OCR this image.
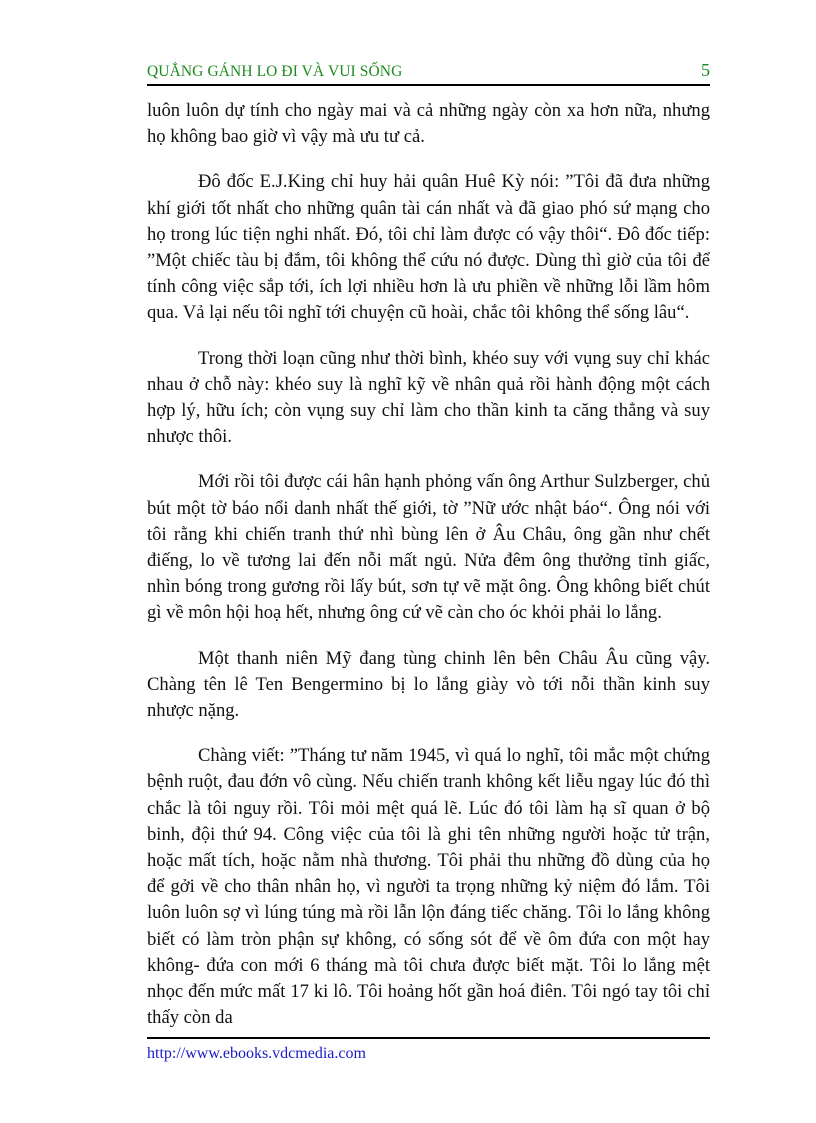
QUẲNG GÁNH LO ĐI VÀ VUI SỐNG	5

luôn luôn dự tính cho ngày mai và cả những ngày còn xa hơn nữa, nhưng họ không bao giờ vì vậy mà ưu tư cả.

Đô đốc E.J.King chỉ huy hải quân Huê Kỳ nói: ”Tôi đã đưa những khí giới tốt nhất cho những quân tài cán nhất và đã giao phó sứ mạng cho họ trong lúc tiện nghi nhất. Đó, tôi chỉ làm được có vậy thôi“. Đô đốc tiếp: ”Một chiếc tàu bị đắm, tôi không thể cứu nó được. Dùng thì giờ của tôi để tính công việc sắp tới, ích lợi nhiều hơn là ưu phiền về những lỗi lầm hôm qua. Vả lại nếu tôi nghĩ tới chuyện cũ hoài, chắc tôi không thể sống lâu“.

Trong thời loạn cũng như thời bình, khéo suy với vụng suy chỉ khác nhau ở chỗ này: khéo suy là nghĩ kỹ về nhân quả rồi hành động một cách hợp lý, hữu ích; còn vụng suy chỉ làm cho thần kinh ta căng thẳng và suy nhược thôi.

Mới rồi tôi được cái hân hạnh phỏng vấn ông Arthur Sulzberger, chủ bút một tờ báo nổi danh nhất thế giới, tờ ”Nữ ước nhật báo“. Ông nói với tôi rằng khi chiến tranh thứ nhì bùng lên ở Âu Châu, ông gần như chết điếng, lo về tương lai đến nỗi mất ngủ. Nửa đêm ông thưởng tỉnh giấc, nhìn bóng trong gương rồi lấy bút, sơn tự vẽ mặt ông. Ông không biết chút gì về môn hội hoạ hết, nhưng ông cứ vẽ càn cho óc khỏi phải lo lắng.

Một thanh niên Mỹ đang tùng chinh lên bên Châu Âu cũng vậy. Chàng tên lê Ten Bengermino bị lo lắng giày vò tới nỗi thần kinh suy nhược nặng.

Chàng viết: ”Tháng tư năm 1945, vì quá lo nghĩ, tôi mắc một chứng bệnh ruột, đau đớn vô cùng. Nếu chiến tranh không kết liễu ngay lúc đó thì chắc là tôi nguy rồi. Tôi mỏi mệt quá lẽ. Lúc đó tôi làm hạ sĩ quan ở bộ binh, đội thứ 94. Công việc của tôi là ghi tên những người hoặc tử trận, hoặc mất tích, hoặc nằm nhà thương. Tôi phải thu những đồ dùng của họ để gởi về cho thân nhân họ, vì người ta trọng những kỷ niệm đó lắm. Tôi luôn luôn sợ vì lúng túng mà rồi lẫn lộn đáng tiếc chăng. Tôi lo lắng không biết có làm tròn phận sự không, có sống sót để về ôm đứa con một hay không- đứa con mới 6 tháng mà tôi chưa được biết mặt. Tôi lo lắng mệt nhọc đến mức mất 17 ki lô. Tôi hoảng hốt gần hoá điên. Tôi ngó tay tôi chỉ thấy còn da

http://www.ebooks.vdcmedia.com
